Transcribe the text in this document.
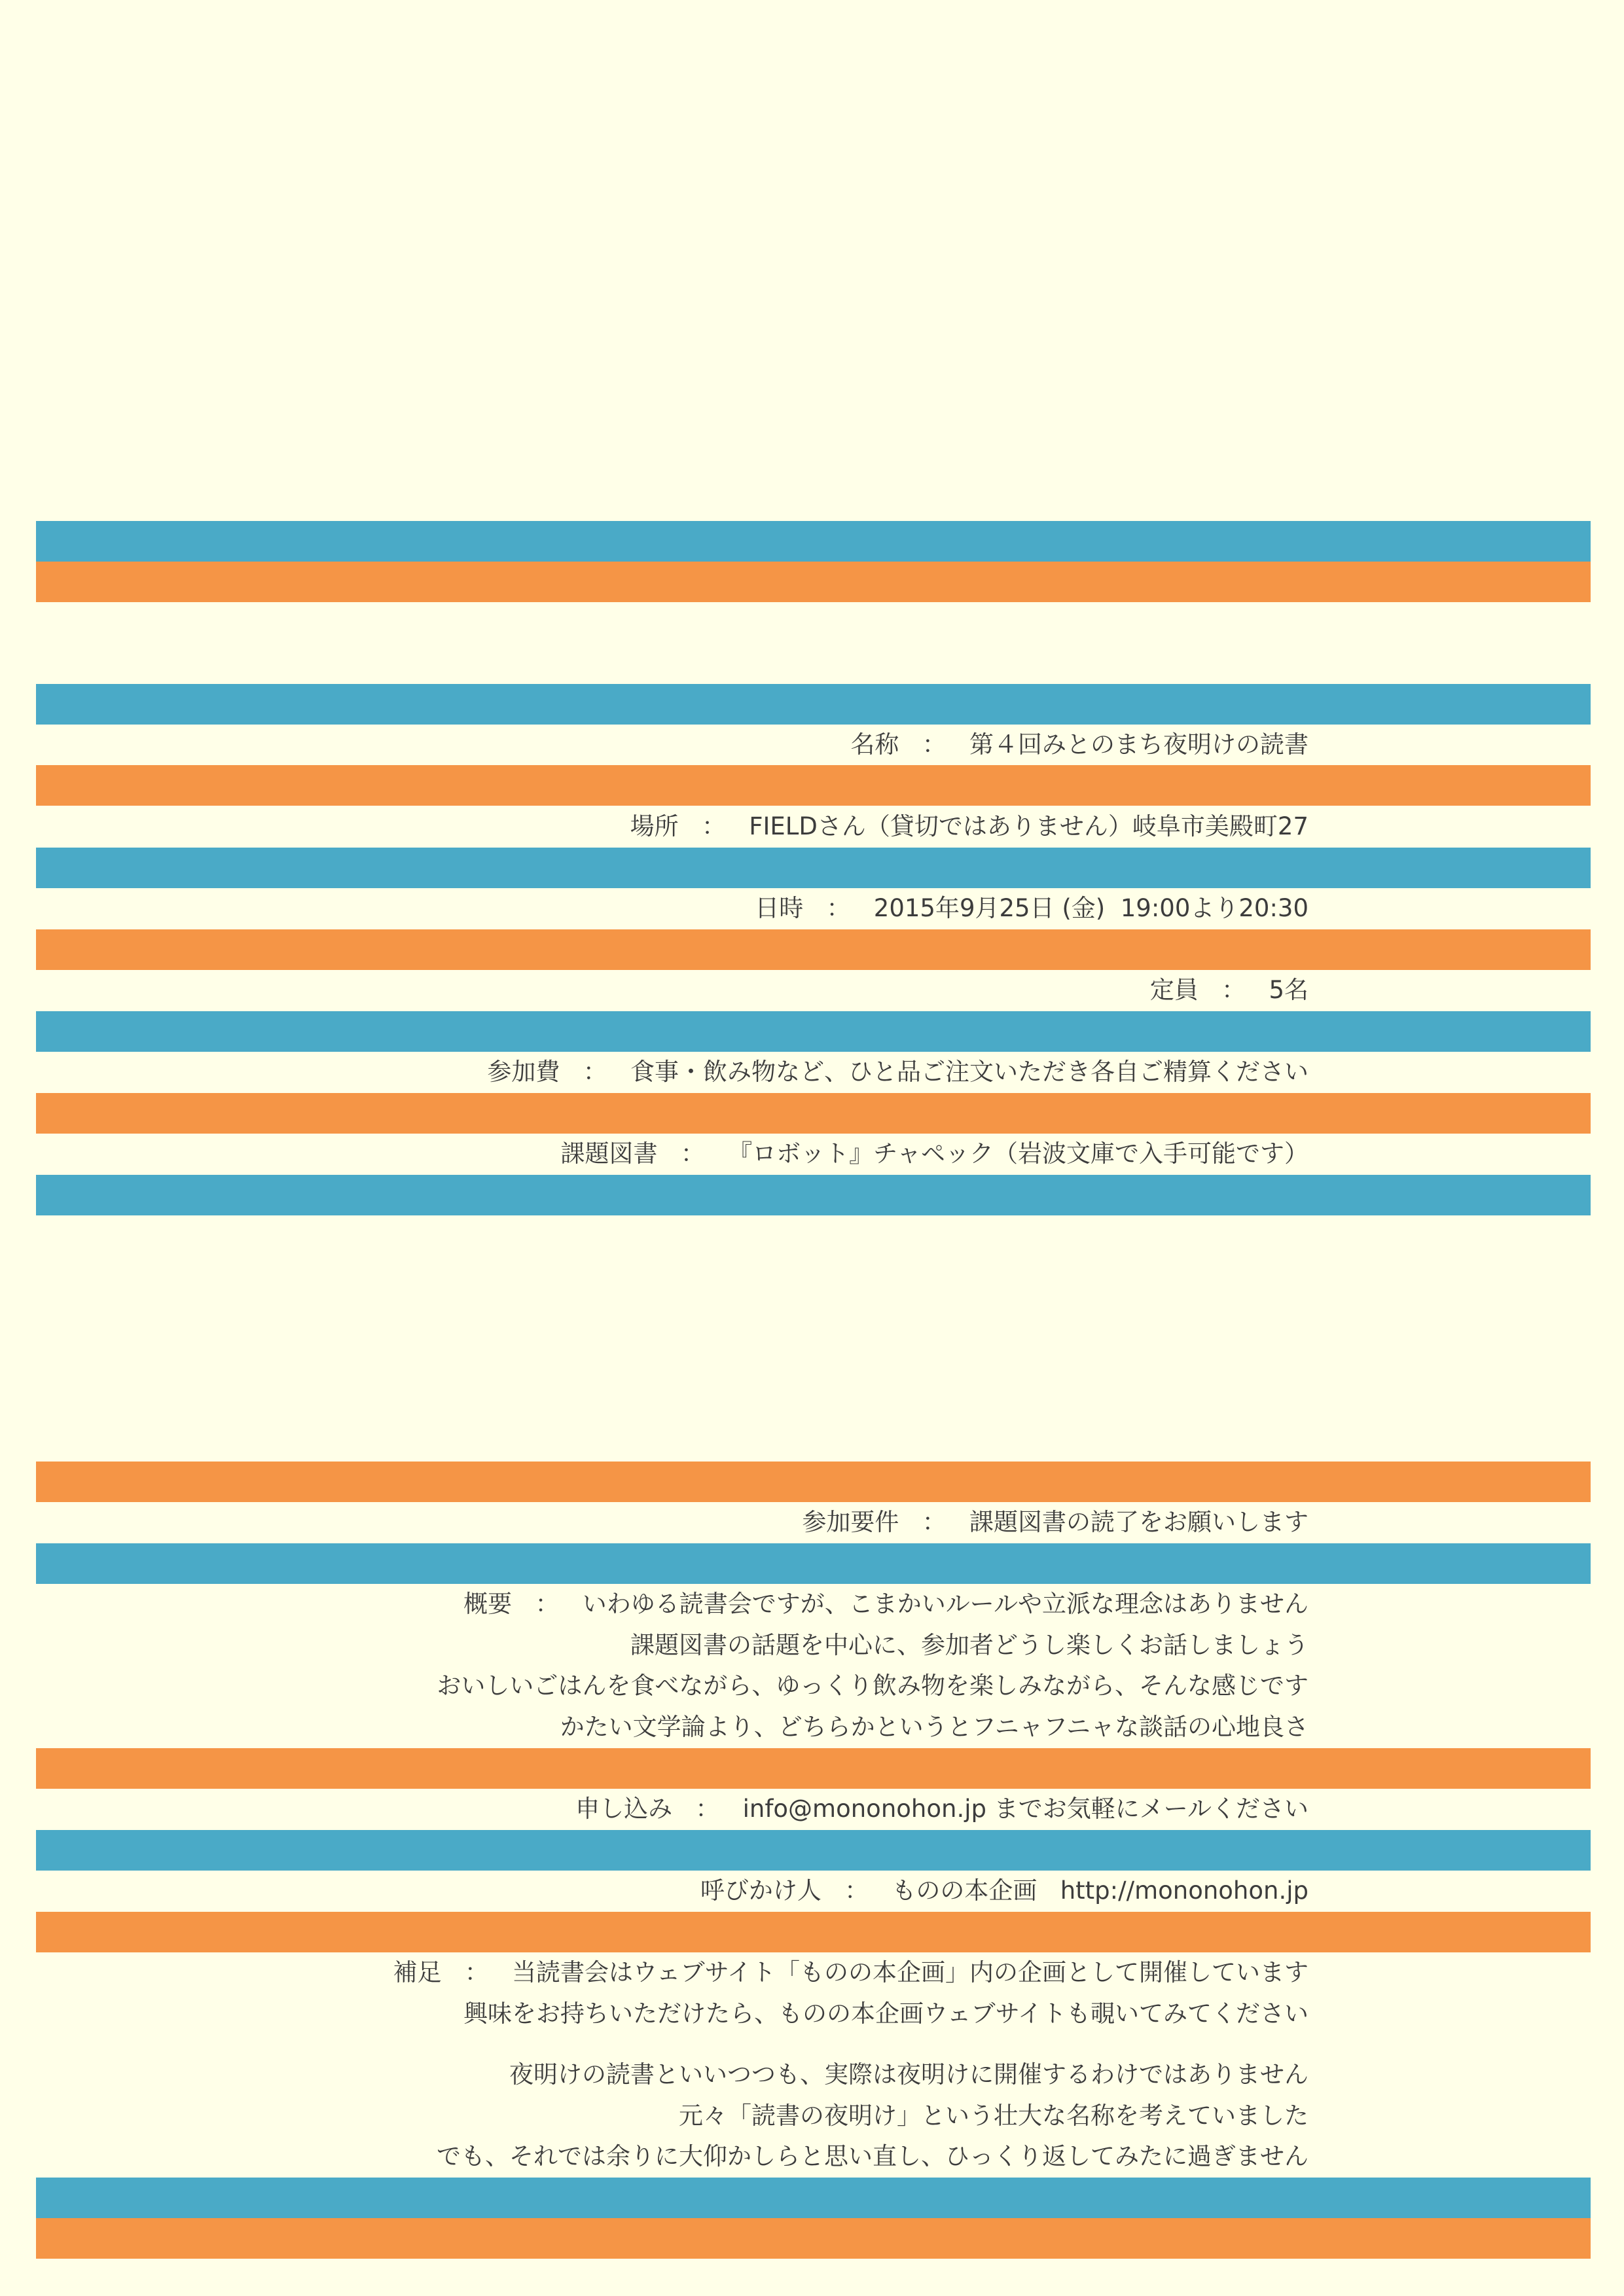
名称   ：   第４回みとのまち夜明けの読書
場所   ：   FIELDさん（貸切ではありません）岐阜市美殿町27
日時   ：   2015年9月25日 (金)  19:00より20:30
定員   ：   5名
参加費   ：   食事・飲み物など、ひと品ご注文いただき各自ご精算ください
課題図書   ：   『ロボット』チャペック（岩波文庫で入手可能です）
参加要件   ：   課題図書の読了をお願いします
概要   ：   いわゆる読書会ですが、こまかいルールや立派な理念はありません
課題図書の話題を中心に、参加者どうし楽しくお話しましょう
おいしいごはんを食べながら、ゆっくり飲み物を楽しみながら、そんな感じです
かたい文学論より、どちらかというとフニャフニャな談話の心地良さ
申し込み   ：   info@mononohon.jp までお気軽にメールください
呼びかけ人   ：   ものの本企画   http://mononohon.jp
補足   ：   当読書会はウェブサイト「ものの本企画」内の企画として開催しています
興味をお持ちいただけたら、ものの本企画ウェブサイトも覗いてみてください
夜明けの読書といいつつも、実際は夜明けに開催するわけではありません
元々「読書の夜明け」という壮大な名称を考えていました
でも、それでは余りに大仰かしらと思い直し、ひっくり返してみたに過ぎません
